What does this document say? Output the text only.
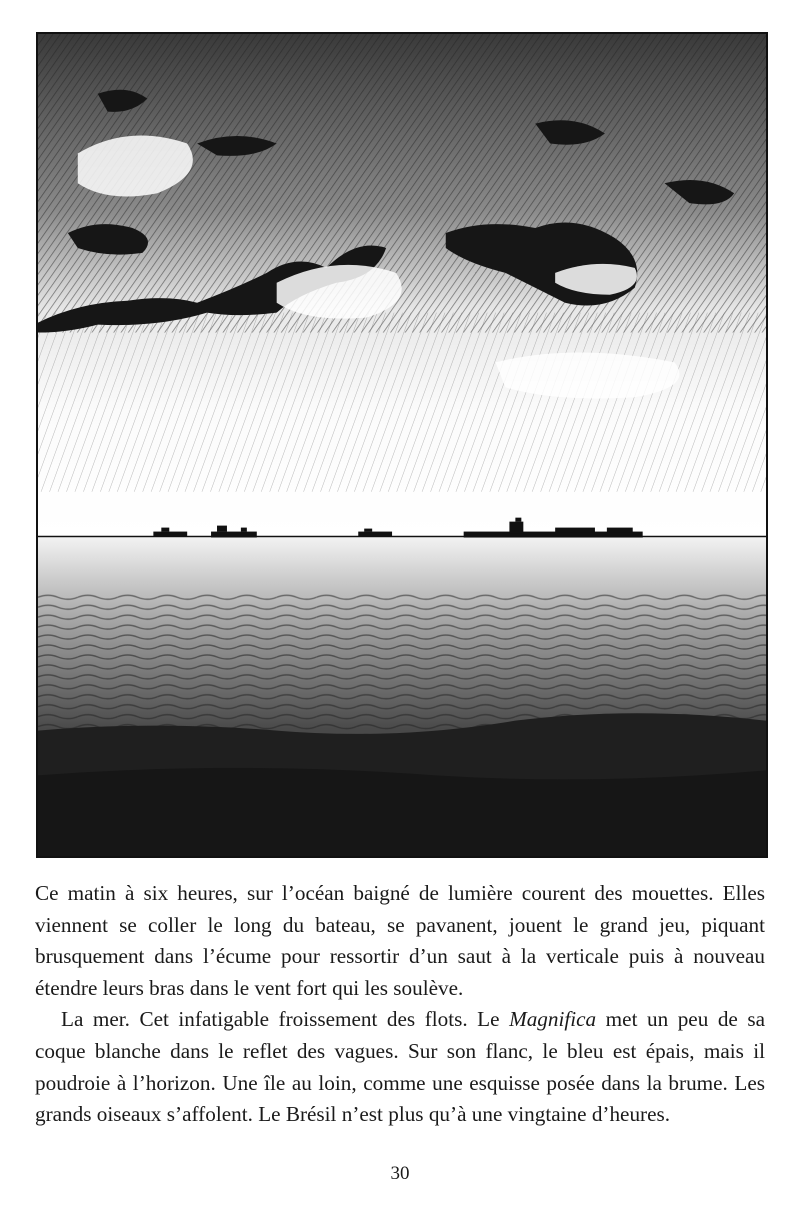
Ce matin à six heures, sur l’océan baigné de lumière courent des mouettes. Elles viennent se coller le long du bateau, se pavanent, jouent le grand jeu, piquant brusquement dans l’écume pour ressortir d’un saut à la verticale puis à nouveau étendre leurs bras dans le vent fort qui les soulève.

La mer. Cet infatigable froissement des flots. Le Magnifica met un peu de sa coque blanche dans le reflet des vagues. Sur son flanc, le bleu est épais, mais il poudroie à l’horizon. Une île au loin, comme une esquisse posée dans la brume. Les grands oiseaux s’affolent. Le Brésil n’est plus qu’à une vingtaine d’heures.

30
